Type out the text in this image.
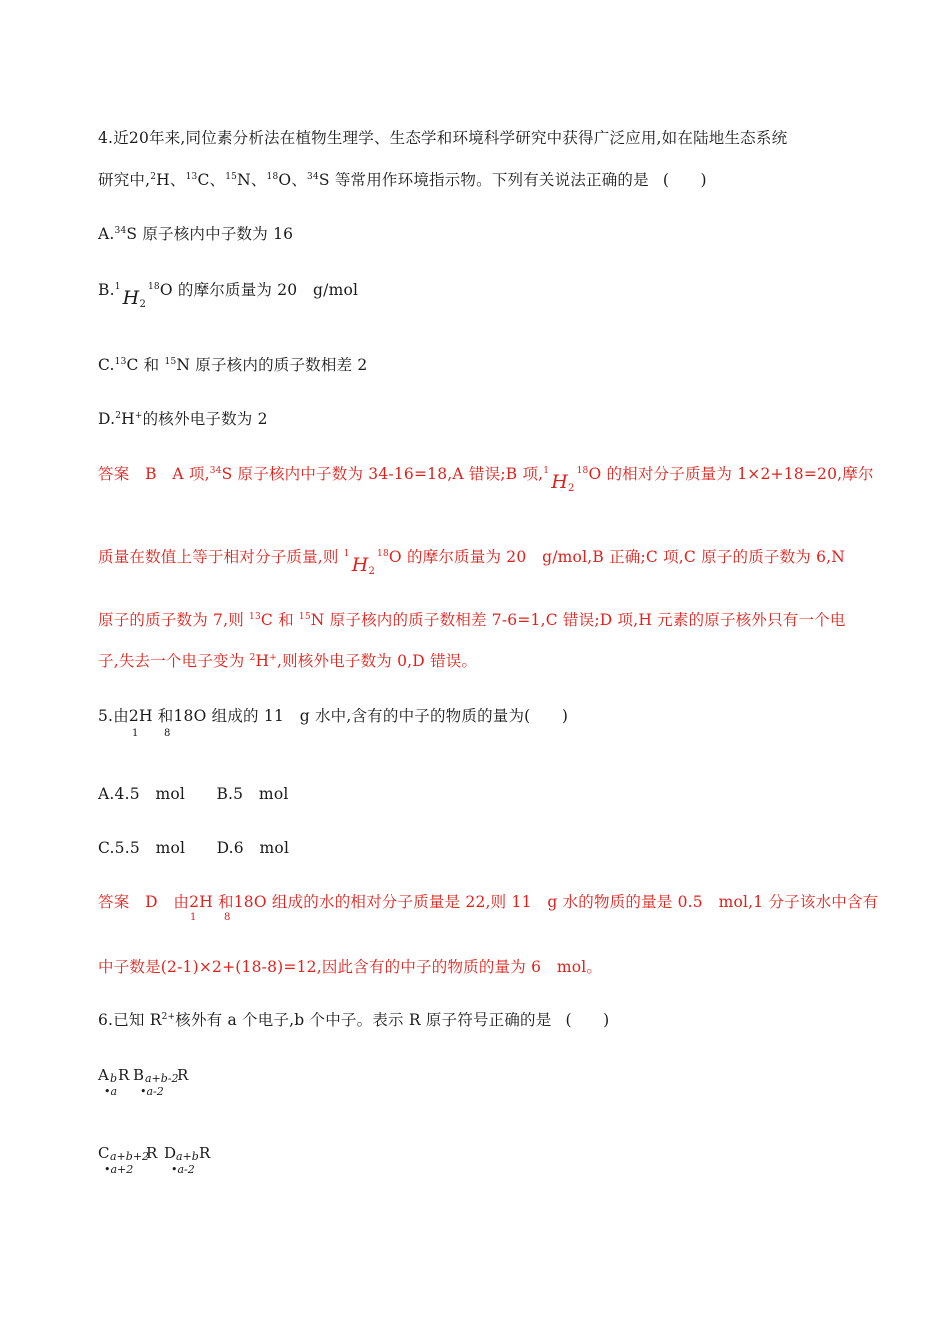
4.近20年来,同位素分析法在植物生理学、生态学和环境科学研究中获得广泛应用,如在陆地生态系统
研究中,$^2$H、$^{13}$C、$^{15}$N、$^{18}$O、$^{34}$S 等常用作环境指示物。下列有关说法正确的是 (　　)
A.$^{34}$S 原子核内中子数为 16
B.$^1$ $H_2^{18}O$ 的摩尔质量为 20　g/mol
C.$^{13}$C 和 $^{15}$N 原子核内的质子数相差 2
D.$^2$H+的核外电子数为 2
答案　B　A 项,$^{34}$S 原子核内中子数为 34-16=18,A 错误;B 项,$^1$ $H_2^{18}O$ 的相对分子质量为 1×2+18=20,摩尔
质量在数值上等于相对分子质量,则 $^1$ $H_2^{18}O$ 的摩尔质量为 20　g/mol,B 正确;C 项,C 原子的质子数为 6,N
原子的质子数为 7,则 $^{13}$C 和 $^{15}$N 原子核内的质子数相差 7-6=1,C 错误;D 项,H 元素的原子核外只有一个电
子,失去一个电子变为 $^2$H+,则核外电子数为 0,D 错误。
5.由2H 和18O 组成的 11　g 水中,含有的中子的物质的量为(　　)
1	8
A.4.5　mol　　B.5　mol
C.5.5　mol　　D.6　mol
答案　D　由2H 和18O 组成的水的相对分子质量是 22,则 11　g 水的物质的量是 0.5　mol,1 分子该水中含有
1	8
中子数是(2-1)×2+(18-8)=12,因此含有的中子的物质的量为 6　mol。
6.已知 $R^{2+}$核外有 a 个电子,b 个中子。表示 R 原子符号正确的是 (　　)
A b R
•a
B a+b-2
R
•a-2
C a+b+2
R
•a+2
D a+b R
•a-2
